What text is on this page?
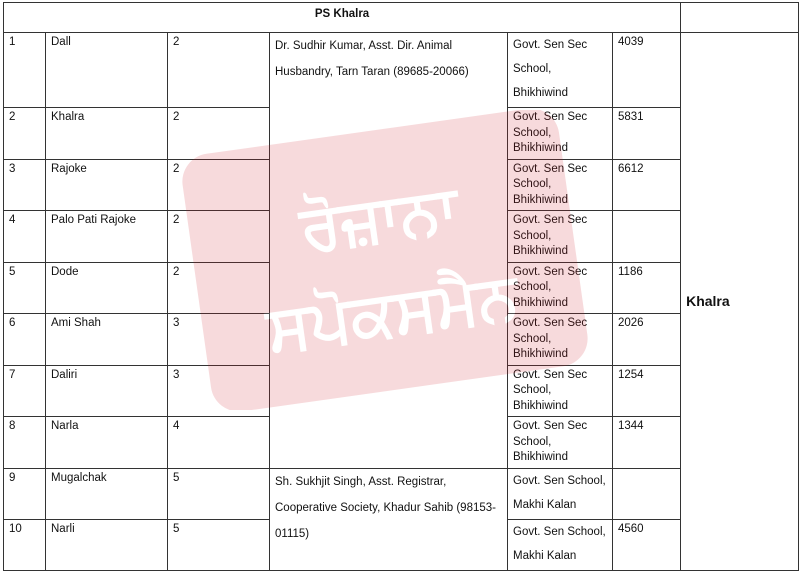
PS Khalra						
1	Dall	2	Dr. Sudhir Kumar, Asst. Dir. Animal Husbandry, Tarn Taran (89685-20066)	Govt. Sen Sec School, Bhikhiwind	4039	Khalra
2	Khalra	2		Govt. Sen Sec School, Bhikhiwind	5831	
3	Rajoke	2		Govt. Sen Sec School, Bhikhiwind	6612	
4	Palo Pati Rajoke	2		Govt. Sen Sec School, Bhikhiwind		
5	Dode	2		Govt. Sen Sec School, Bhikhiwind	1186	
6	Ami Shah	3		Govt. Sen Sec School, Bhikhiwind	2026	
7	Daliri	3		Govt. Sen Sec School, Bhikhiwind	1254	
8	Narla	4		Govt. Sen Sec School, Bhikhiwind	1344	
9	Mugalchak	5	Sh. Sukhjit Singh, Asst. Registrar, Cooperative Society, Khadur Sahib (98153-01115)	Govt. Sen School, Makhi Kalan		
10	Narli	5		Govt. Sen School, Makhi Kalan	4560	
ਰੋਜ਼ਾਨਾ
ਸਪੋਕਸਮੈਨ
